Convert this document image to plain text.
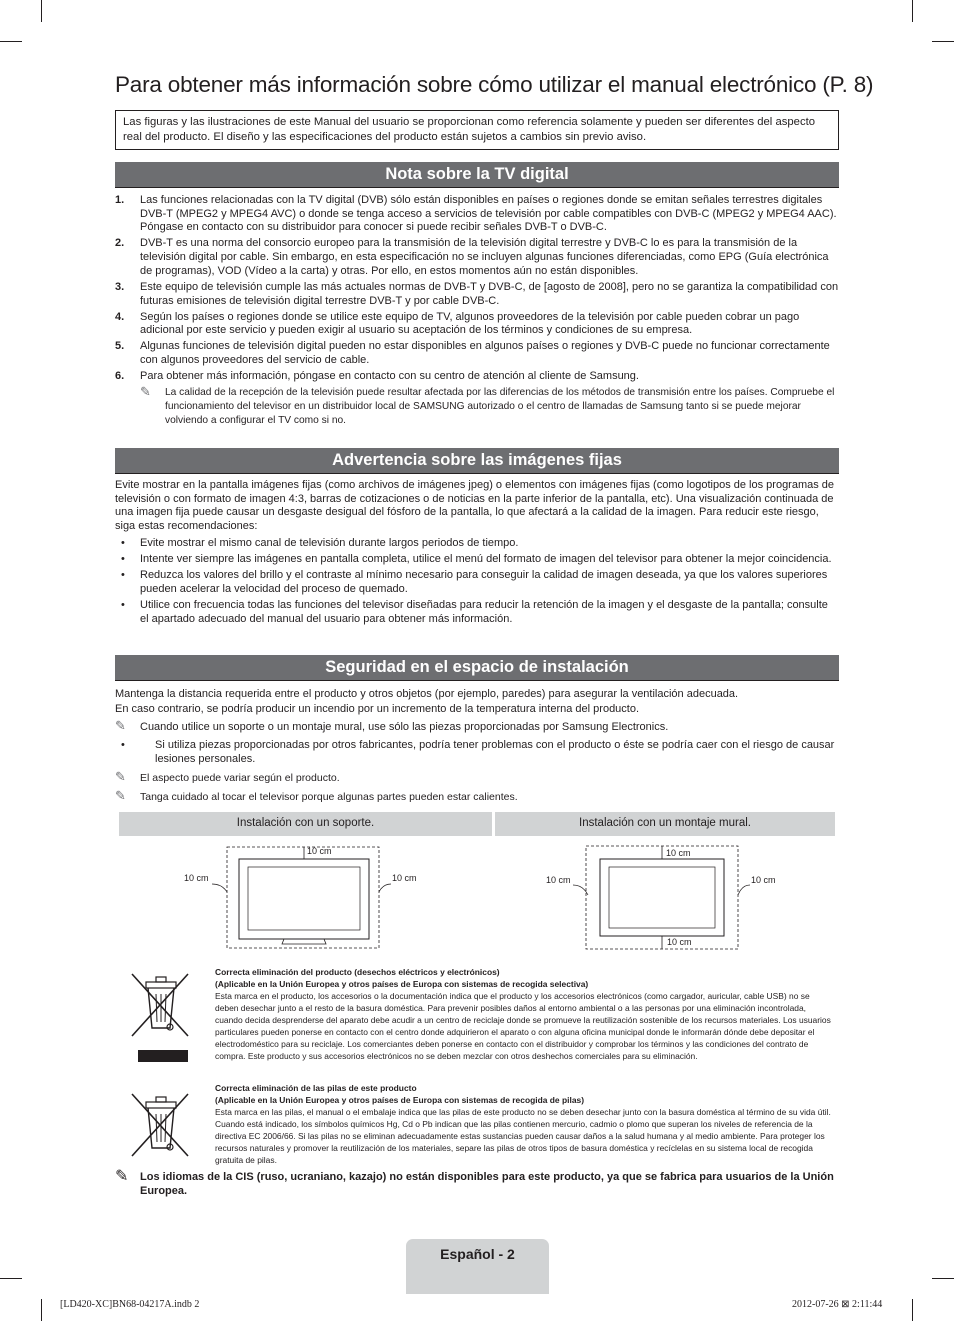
Para obtener más información sobre cómo utilizar el manual electrónico (P. 8)
Las figuras y las ilustraciones de este Manual del usuario se proporcionan como referencia solamente y pueden ser diferentes del aspecto real del producto. El diseño y las especificaciones del producto están sujetos a cambios sin previo aviso.
Nota sobre la TV digital
1. Las funciones relacionadas con la TV digital (DVB) sólo están disponibles en países o regiones donde se emitan señales terrestres digitales DVB-T (MPEG2 y MPEG4 AVC) o donde se tenga acceso a servicios de televisión por cable compatibles con DVB-C (MPEG2 y MPEG4 AAC). Póngase en contacto con su distribuidor para conocer si puede recibir señales DVB-T o DVB-C.
2. DVB-T es una norma del consorcio europeo para la transmisión de la televisión digital terrestre y DVB-C lo es para la transmisión de la televisión digital por cable. Sin embargo, en esta especificación no se incluyen algunas funciones diferenciadas, como EPG (Guía electrónica de programas), VOD (Vídeo a la carta) y otras. Por ello, en estos momentos aún no están disponibles.
3. Este equipo de televisión cumple las más actuales normas de DVB-T y DVB-C, de [agosto de 2008], pero no se garantiza la compatibilidad con futuras emisiones de televisión digital terrestre DVB-T y por cable DVB-C.
4. Según los países o regiones donde se utilice este equipo de TV, algunos proveedores de la televisión por cable pueden cobrar un pago adicional por este servicio y pueden exigir al usuario su aceptación de los términos y condiciones de su empresa.
5. Algunas funciones de televisión digital pueden no estar disponibles en algunos países o regiones y DVB-C puede no funcionar correctamente con algunos proveedores del servicio de cable.
6. Para obtener más información, póngase en contacto con su centro de atención al cliente de Samsung.
✎ La calidad de la recepción de la televisión puede resultar afectada por las diferencias de los métodos de transmisión entre los países. Compruebe el funcionamiento del televisor en un distribuidor local de SAMSUNG autorizado o el centro de llamadas de Samsung tanto si se puede mejorar volviendo a configurar el TV como si no.
Advertencia sobre las imágenes fijas
Evite mostrar en la pantalla imágenes fijas (como archivos de imágenes jpeg) o elementos con imágenes fijas (como logotipos de los programas de televisión o con formato de imagen 4:3, barras de cotizaciones o de noticias en la parte inferior de la pantalla, etc). Una visualización continuada de una imagen fija puede causar un desgaste desigual del fósforo de la pantalla, lo que afectará a la calidad de la imagen. Para reducir este riesgo, siga estas recomendaciones:
• Evite mostrar el mismo canal de televisión durante largos periodos de tiempo.
• Intente ver siempre las imágenes en pantalla completa, utilice el menú del formato de imagen del televisor para obtener la mejor coincidencia.
• Reduzca los valores del brillo y el contraste al mínimo necesario para conseguir la calidad de imagen deseada, ya que los valores superiores pueden acelerar la velocidad del proceso de quemado.
• Utilice con frecuencia todas las funciones del televisor diseñadas para reducir la retención de la imagen y el desgaste de la pantalla; consulte el apartado adecuado del manual del usuario para obtener más información.
Seguridad en el espacio de instalación
Mantenga la distancia requerida entre el producto y otros objetos (por ejemplo, paredes) para asegurar la ventilación adecuada.
En caso contrario, se podría producir un incendio por un incremento de la temperatura interna del producto.
✎ Cuando utilice un soporte o un montaje mural, use sólo las piezas proporcionadas por Samsung Electronics.
• Si utiliza piezas proporcionadas por otros fabricantes, podría tener problemas con el producto o éste se podría caer con el riesgo de causar lesiones personales.
✎ El aspecto puede variar según el producto.
✎ Tanga cuidado al tocar el televisor porque algunas partes pueden estar calientes.
Instalación con un soporte.	Instalación con un montaje mural.
10 cm
10 cm	10 cm
10 cm
10 cm	10 cm
10 cm
Correcta eliminación del producto (desechos eléctricos y electrónicos)
(Aplicable en la Unión Europea y otros países de Europa con sistemas de recogida selectiva)
Esta marca en el producto, los accesorios o la documentación indica que el producto y los accesorios electrónicos (como cargador, auricular, cable USB) no se deben desechar junto a el resto de la basura doméstica. Para prevenir posibles daños al entorno ambiental o a las personas por una eliminación incontrolada, cuando decida desprenderse del aparato debe acudir a un centro de reciclaje donde se promueve la reutilización sostenible de los recursos materiales. Los usuarios particulares pueden ponerse en contacto con el centro donde adquirieron el aparato o con alguna oficina municipal donde le informarán dónde debe depositar el electrodoméstico para su reciclaje. Los comerciantes deben ponerse en contacto con el distribuidor y comprobar los términos y las condiciones del contrato de compra. Este producto y sus accesorios electrónicos no se deben mezclar con otros deshechos comerciales para su eliminación.
Correcta eliminación de las pilas de este producto
(Aplicable en la Unión Europea y otros países de Europa con sistemas de recogida de pilas)
Esta marca en las pilas, el manual o el embalaje indica que las pilas de este producto no se deben desechar junto con la basura doméstica al término de su vida útil. Cuando está indicado, los símbolos químicos Hg, Cd o Pb indican que las pilas contienen mercurio, cadmio o plomo que superan los niveles de referencia de la directiva EC 2006/66. Si las pilas no se eliminan adecuadamente estas sustancias pueden causar daños a la salud humana y al medio ambiente. Para proteger los recursos naturales y promover la reutilización de los materiales, separe las pilas de otros tipos de basura doméstica y recíclelas en su sistema local de recogida gratuita de pilas.
✎	Los idiomas de la CIS (ruso, ucraniano, kazajo) no están disponibles para este producto, ya que se fabrica para usuarios de la Unión Europea.
Español - 2
[LD420-XC]BN68-04217A.indb 2	2012-07-26 ⊠ 2:11:44
